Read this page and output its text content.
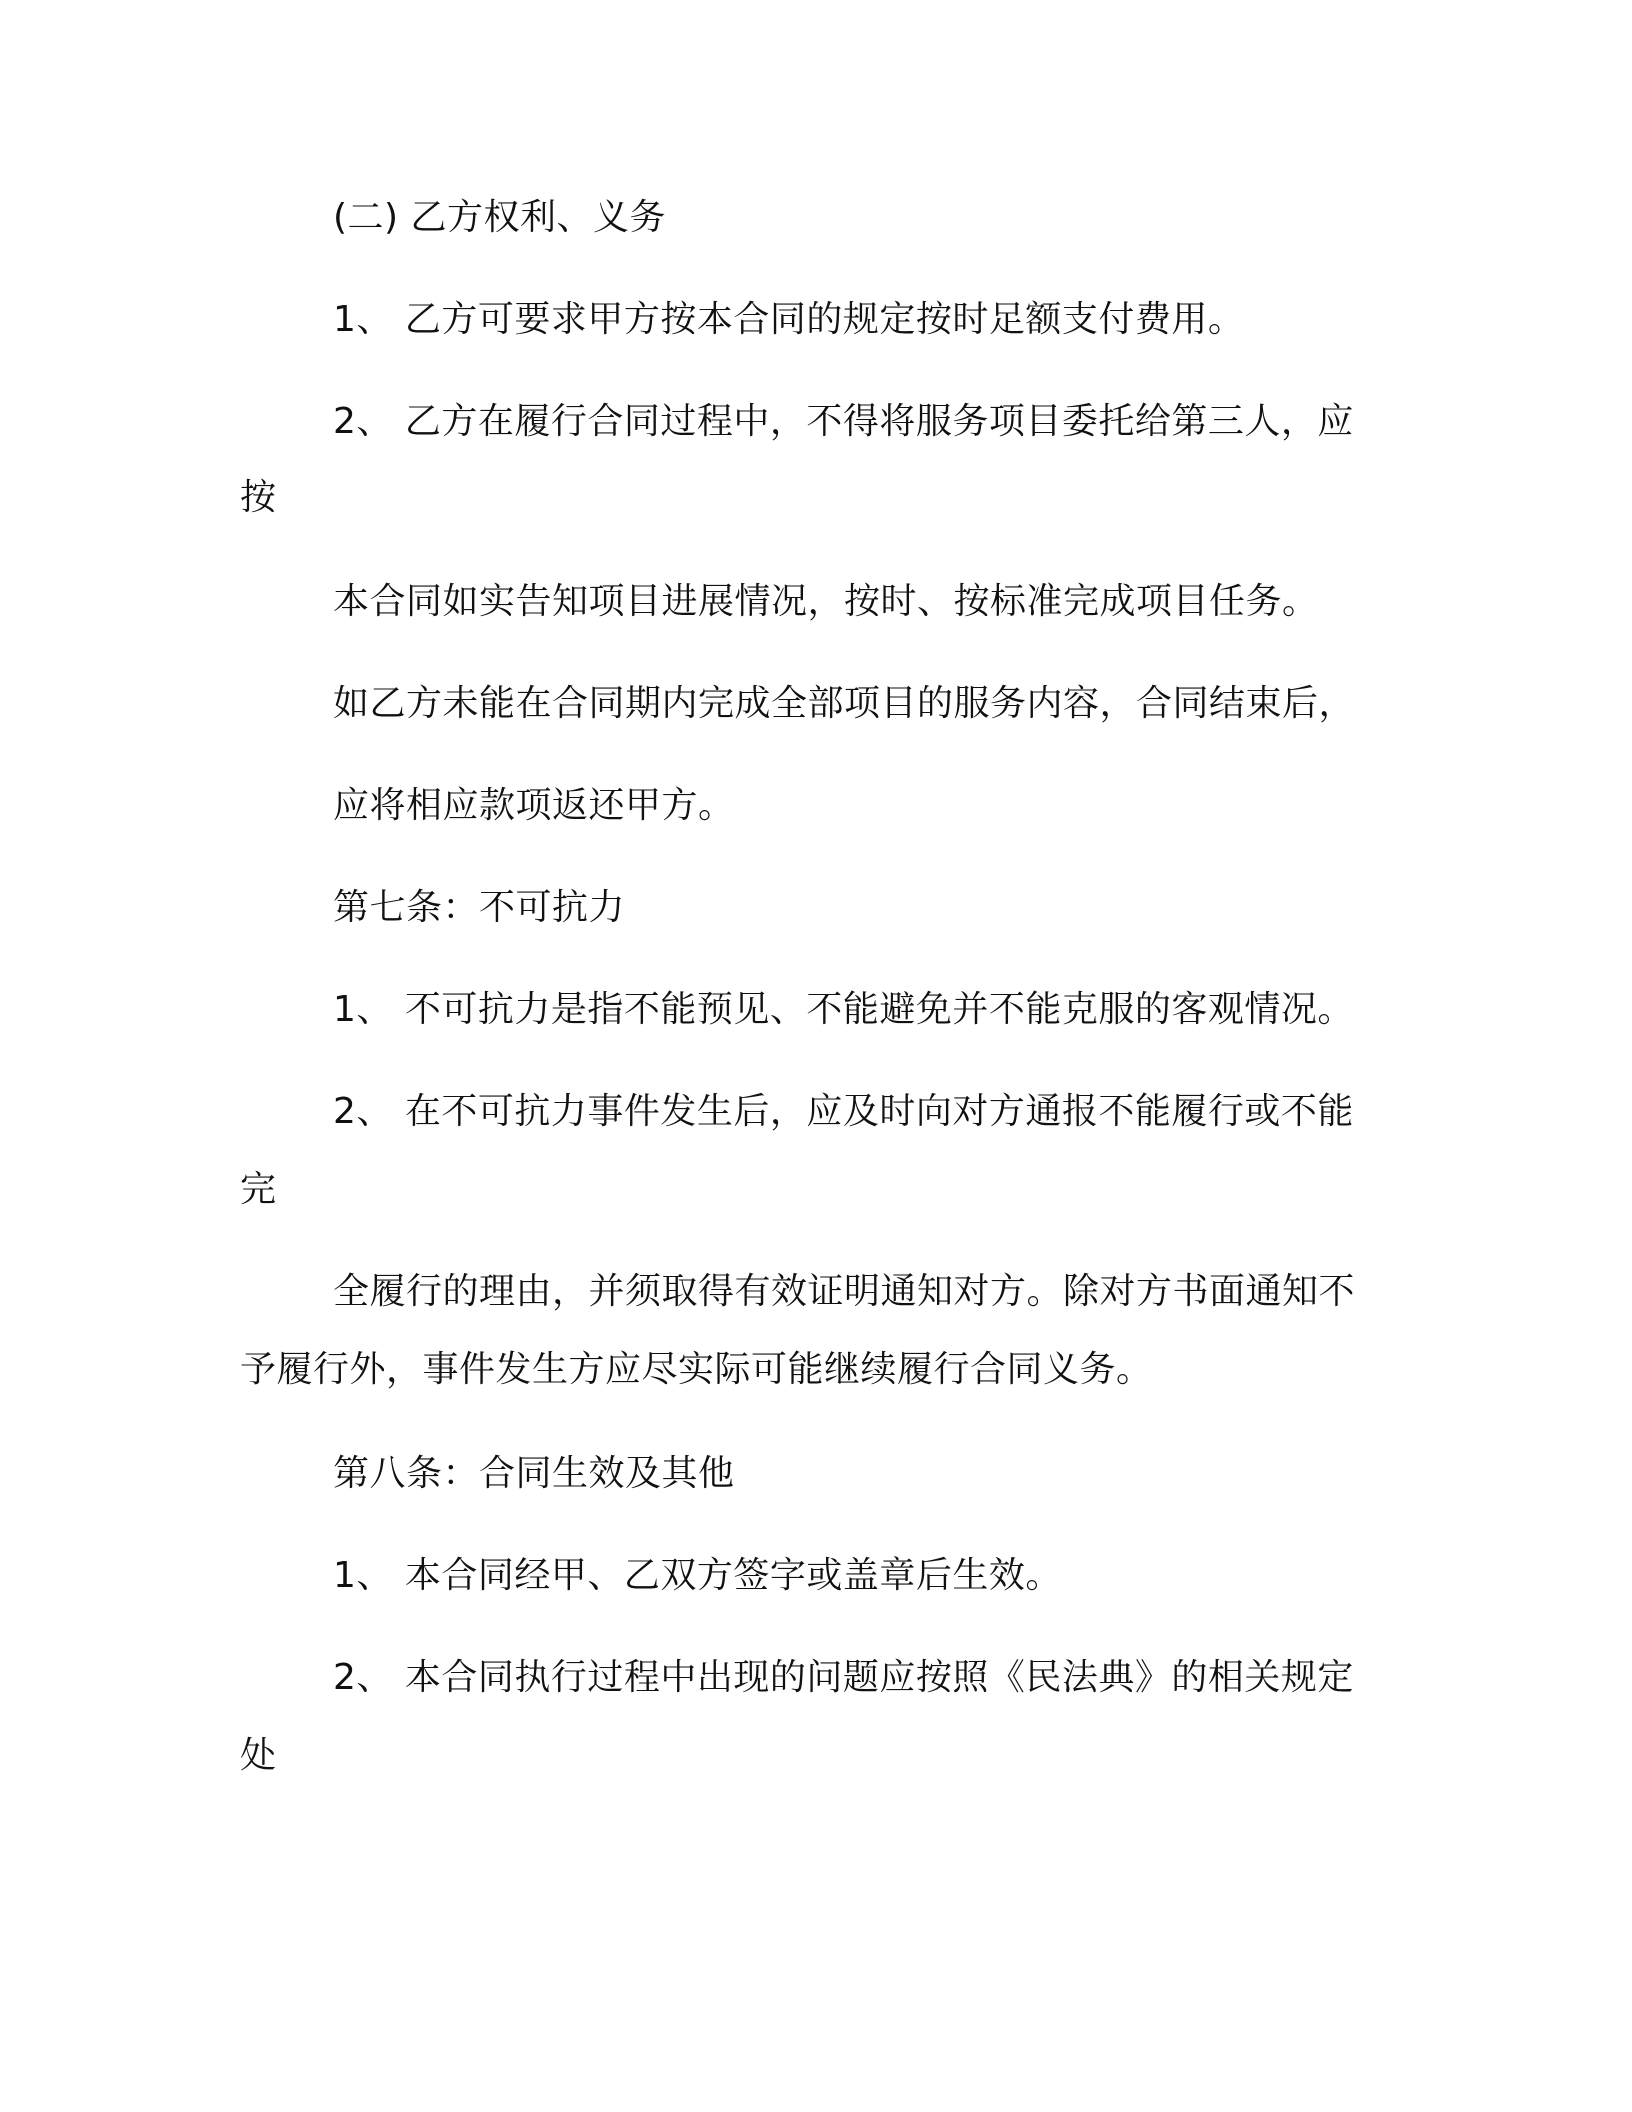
(二) 乙方权利、义务
1、 乙方可要求甲方按本合同的规定按时足额支付费用。
2、 乙方在履行合同过程中，不得将服务项目委托给第三人，应
按
本合同如实告知项目进展情况，按时、按标准完成项目任务。
如乙方未能在合同期内完成全部项目的服务内容，合同结束后，
应将相应款项返还甲方。
第七条：不可抗力
1、 不可抗力是指不能预见、不能避免并不能克服的客观情况。
2、 在不可抗力事件发生后，应及时向对方通报不能履行或不能
完
全履行的理由，并须取得有效证明通知对方。除对方书面通知不
予履行外，事件发生方应尽实际可能继续履行合同义务。
第八条：合同生效及其他
1、 本合同经甲、乙双方签字或盖章后生效。
2、 本合同执行过程中出现的问题应按照《民法典》的相关规定
处
